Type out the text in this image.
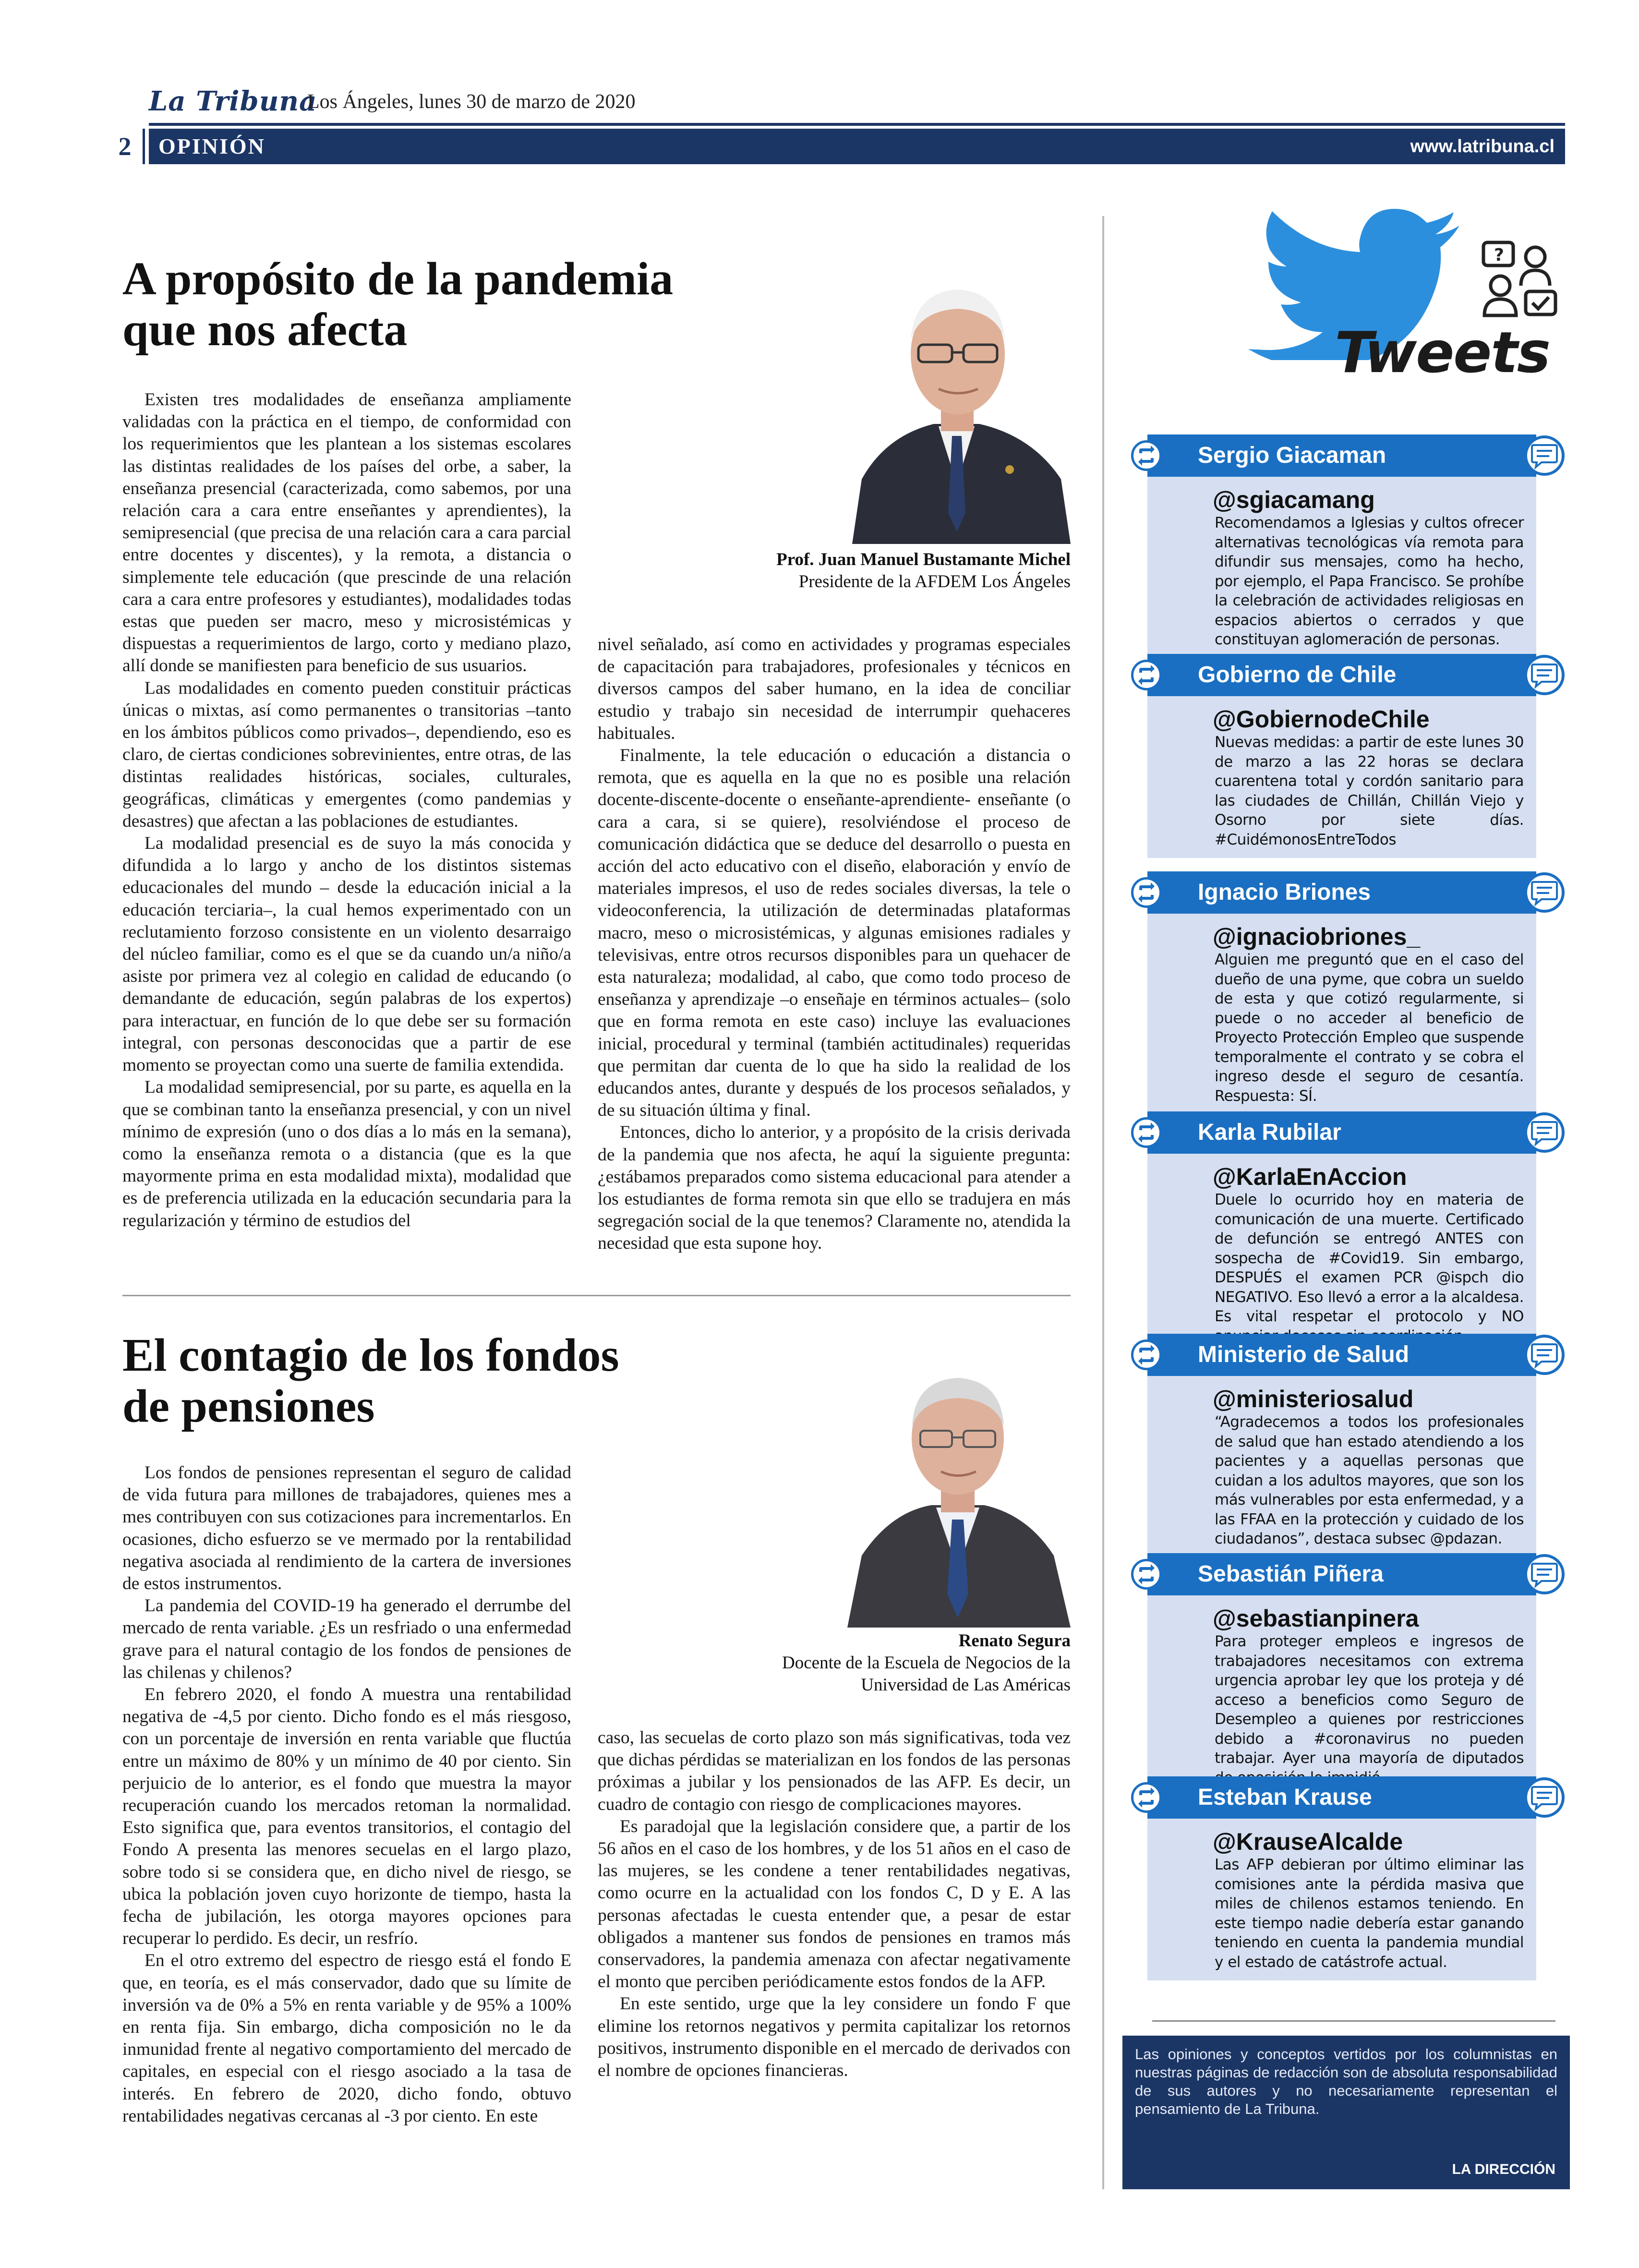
La Tribuna
Los Ángeles, lunes 30 de marzo de 2020
2	OPINIÓN	www.latribuna.cl
A propósito de la pandemia
que nos afecta
Prof. Juan Manuel Bustamante Michel
Presidente de la AFDEM Los Ángeles

Existen tres modalidades de enseñanza ampliamente validadas con la práctica en el tiempo, de conformidad con los requerimientos que les plantean a los sistemas escolares las distintas realidades de los países del orbe, a saber, la enseñanza presencial (caracterizada, como sabemos, por una relación cara a cara entre enseñantes y aprendientes), la semipresencial (que precisa de una relación cara a cara parcial entre docentes y discentes), y la remota, a distancia o simplemente tele educación (que prescinde de una relación cara a cara entre profesores y estudiantes), modalidades todas estas que pueden ser macro, meso y microsistémicas y dispuestas a requerimientos de largo, corto y mediano plazo, allí donde se manifiesten para beneficio de sus usuarios.

Las modalidades en comento pueden constituir prácticas únicas o mixtas, así como permanentes o transitorias –tanto en los ámbitos públicos como privados–, dependiendo, eso es claro, de ciertas condiciones sobrevinientes, entre otras, de las distintas realidades históricas, sociales, culturales, geográficas, climáticas y emergentes (como pandemias y desastres) que afectan a las poblaciones de estudiantes.

La modalidad presencial es de suyo la más conocida y difundida a lo largo y ancho de los distintos sistemas educacionales del mundo – desde la educación inicial a la educación terciaria–, la cual hemos experimentado con un reclutamiento forzoso consistente en un violento desarraigo del núcleo familiar, como es el que se da cuando un/a niño/a asiste por primera vez al colegio en calidad de educando (o demandante de educación, según palabras de los expertos) para interactuar, en función de lo que debe ser su formación integral, con personas desconocidas que a partir de ese momento se proyectan como una suerte de familia extendida.

La modalidad semipresencial, por su parte, es aquella en la que se combinan tanto la enseñanza presencial, y con un nivel mínimo de expresión (uno o dos días a lo más en la semana), como la enseñanza remota o a distancia (que es la que mayormente prima en esta modalidad mixta), modalidad que es de preferencia utilizada en la educación secundaria para la regularización y término de estudios del

nivel señalado, así como en actividades y programas especiales de capacitación para trabajadores, profesionales y técnicos en diversos campos del saber humano, en la idea de conciliar estudio y trabajo sin necesidad de interrumpir quehaceres habituales.

Finalmente, la tele educación o educación a distancia o remota, que es aquella en la que no es posible una relación docente-discente-docente o enseñante-aprendiente- enseñante (o cara a cara, si se quiere), resolviéndose el proceso de comunicación didáctica que se deduce del desarrollo o puesta en acción del acto educativo con el diseño, elaboración y envío de materiales impresos, el uso de redes sociales diversas, la tele o videoconferencia, la utilización de determinadas plataformas macro, meso o microsistémicas, y algunas emisiones radiales y televisivas, entre otros recursos disponibles para un quehacer de esta naturaleza; modalidad, al cabo, que como todo proceso de enseñanza y aprendizaje –o enseñaje en términos actuales– (solo que en forma remota en este caso) incluye las evaluaciones inicial, procedural y terminal (también actitudinales) requeridas que permitan dar cuenta de lo que ha sido la realidad de los educandos antes, durante y después de los procesos señalados, y de su situación última y final.

Entonces, dicho lo anterior, y a propósito de la crisis derivada de la pandemia que nos afecta, he aquí la siguiente pregunta: ¿estábamos preparados como sistema educacional para atender a los estudiantes de forma remota sin que ello se tradujera en más segregación social de la que tenemos? Claramente no, atendida la necesidad que esta supone hoy.

El contagio de los fondos
de pensiones
Renato Segura
Docente de la Escuela de Negocios de la
Universidad de Las Américas

Los fondos de pensiones representan el seguro de calidad de vida futura para millones de trabajadores, quienes mes a mes contribuyen con sus cotizaciones para incrementarlos. En ocasiones, dicho esfuerzo se ve mermado por la rentabilidad negativa asociada al rendimiento de la cartera de inversiones de estos instrumentos.

La pandemia del COVID-19 ha generado el derrumbe del mercado de renta variable. ¿Es un resfriado o una enfermedad grave para el natural contagio de los fondos de pensiones de las chilenas y chilenos?

En febrero 2020, el fondo A muestra una rentabilidad negativa de -4,5 por ciento. Dicho fondo es el más riesgoso, con un porcentaje de inversión en renta variable que fluctúa entre un máximo de 80% y un mínimo de 40 por ciento. Sin perjuicio de lo anterior, es el fondo que muestra la mayor recuperación cuando los mercados retoman la normalidad. Esto significa que, para eventos transitorios, el contagio del Fondo A presenta las menores secuelas en el largo plazo, sobre todo si se considera que, en dicho nivel de riesgo, se ubica la población joven cuyo horizonte de tiempo, hasta la fecha de jubilación, les otorga mayores opciones para recuperar lo perdido. Es decir, un resfrío.

En el otro extremo del espectro de riesgo está el fondo E que, en teoría, es el más conservador, dado que su límite de inversión va de 0% a 5% en renta variable y de 95% a 100% en renta fija. Sin embargo, dicha composición no le da inmunidad frente al negativo comportamiento del mercado de capitales, en especial con el riesgo asociado a la tasa de interés. En febrero de 2020, dicho fondo, obtuvo rentabilidades negativas cercanas al -3 por ciento. En este

caso, las secuelas de corto plazo son más significativas, toda vez que dichas pérdidas se materializan en los fondos de las personas próximas a jubilar y los pensionados de las AFP. Es decir, un cuadro de contagio con riesgo de complicaciones mayores.

Es paradojal que la legislación considere que, a partir de los 56 años en el caso de los hombres, y de los 51 años en el caso de las mujeres, se les condene a tener rentabilidades negativas, como ocurre en la actualidad con los fondos C, D y E. A las personas afectadas le cuesta entender que, a pesar de estar obligados a mantener sus fondos de pensiones en tramos más conservadores, la pandemia amenaza con afectar negativamente el monto que perciben periódicamente estos fondos de la AFP.

En este sentido, urge que la ley considere un fondo F que elimine los retornos negativos y permita capitalizar los retornos positivos, instrumento disponible en el mercado de derivados con el nombre de opciones financieras.

?
Tweets
Sergio Giacaman
@sgiacamang
Recomendamos a Iglesias y cultos ofrecer alternativas tecnológicas vía remota para difundir sus mensajes, como ha hecho, por ejemplo, el Papa Francisco. Se prohíbe la celebración de actividades religiosas en espacios abiertos o cerrados y que constituyan aglomeración de personas.
Gobierno de Chile
@GobiernodeChile
Nuevas medidas: a partir de este lunes 30 de marzo a las 22 horas se declara cuarentena total y cordón sanitario para las ciudades de Chillán, Chillán Viejo y Osorno por siete días. #CuidémonosEntreTodos
Ignacio Briones
@ignaciobriones_
Alguien me preguntó que en el caso del dueño de una pyme, que cobra un sueldo de esta y que cotizó regularmente, si puede o no acceder al beneficio de Proyecto Protección Empleo que suspende temporalmente el contrato y se cobra el ingreso desde el seguro de cesantía. Respuesta: SÍ.
Karla Rubilar
@KarlaEnAccion
Duele lo ocurrido hoy en materia de comunicación de una muerte. Certificado de defunción se entregó ANTES con sospecha de #Covid19. Sin embargo, DESPUÉS el examen PCR @ispch dio NEGATIVO. Eso llevó a error a la alcaldesa. Es vital respetar el protocolo y NO
Ministerio de Salud
@ministeriosalud
“Agradecemos a todos los profesionales de salud que han estado atendiendo a los pacientes y a aquellas personas que cuidan a los adultos mayores, que son los más vulnerables por esta enfermedad, y a las FFAA en la protección y cuidado de los ciudadanos”, destaca subsec @pdazan.
Sebastián Piñera
@sebastianpinera
Para proteger empleos e ingresos de trabajadores necesitamos con extrema urgencia aprobar ley que los proteja y dé acceso a beneficios como Seguro de Desempleo a quienes por restricciones debido a #coronavirus no pueden trabajar. Ayer una mayoría de diputados
Esteban Krause
@KrauseAlcalde
Las AFP debieran por último eliminar las comisiones ante la pérdida masiva que miles de chilenos estamos teniendo. En este tiempo nadie debería estar ganando teniendo en cuenta la pandemia mundial y el estado de catástrofe actual.
Las opiniones y conceptos vertidos por los columnistas en nuestras páginas de redacción son de absoluta responsabilidad de sus autores y no necesariamente representan el pensamiento de La Tribuna.
LA DIRECCIÓN
